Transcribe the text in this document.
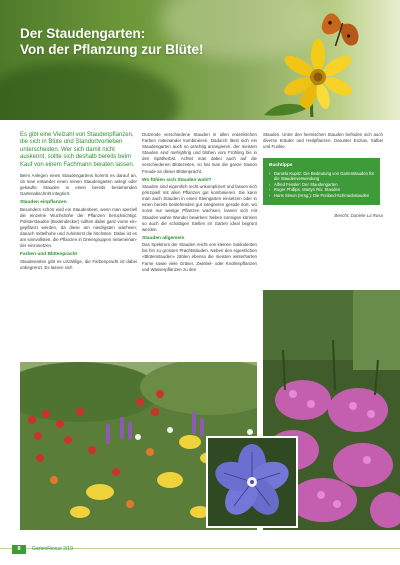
Der Staudengarten:
Von der Pflanzung zur Blüte!

Es gibt eine Vielzahl von Staudenpflanzen, die sich in Blüte und Standortvorlieben unterscheiden. Wer sich damit nicht auskennt, sollte sich deshalb bereits beim Kauf von einem Fachmann beraten lassen.

Beim Anlegen eines Staudengartens kommt es darauf an, ob man entweder einen reinen Staudengarten anlegt oder gekaufte Stauden in einen bereits bestehenden Gartenabschnitt integriert.

Stauden einpflanzen

Besonders schön wird ein Staudenbeet, wenn man speziell die einzelne Wuchshöhe der Pflanzen berücksichtigt. Polsterstauden (Bodendecker) sollten dabei ganz vorne eingepflanzt werden, da diese am niedrigsten wachsen; danach mittelhohe und zuhinterst die höchsten. Dabei ist es am sinnvollsten, die Pflanzen in Dreiergruppen nebeneinander einzusetzen.

Farben und Blütenpracht

Staudenarten gibt es unzählige, die Farbenpracht ist dabei unbegrenzt. Es lassen sich

Dutzende verschiedene Stauden in allen erdenklichen Farben miteinander kombinieren. Dadurch lässt sich ein Staudengarten auch so prächtig arrangieren, der meisten Stauden sind mehrjährig und blühen vom Frühling bis in den Spätherbst. Achtet man dabei auch auf die verschiedenen Blütezeiten, so hat man die ganze Saison Freude an dieser Blütenpracht.

Wo fühlen sich Stauden wohl?

Stauden sind eigentlich recht unkompliziert und lassen sich prinzipiell mit allen Pflanzen gut kombinieren. Sie kann man auch Stauden in einen Steingarten einsetzen oder in einen bereits bestehenden gut integrieren gerade dort, wo sonst nur wenige Pflanzen wachsen, lassen sich mit Stauden wahre Wunder bewirken: Neben sonnigen können so auch die schattigen Stellen im Garten ideal begrünt werden.

Stauden allgemein

Das Spektrum der Stauden reicht von kleinen Sukkulenten bis hin zu grossen Prachtstauden. Neben den eigentlichen «Blütenstauden» zählen ebenso die meisten winterharten Farne sowie viele Gräser, Zwiebel- oder Knollenpflanzen und Wasserpflanzen zu den

Stauden. Unter den heimischen Stauden befinden sich auch diverse Kräuter und Heilpflanzen. Darunter Enzian, Salbei und Funkie.

Buchtipps
› Daniela Kupitz: Die Bedeutung von Gartenstauden für die Staudenverwendung
› Alfred Fessler: Der Staudengarten
› Roger Phillips, Martyn Rix: Stauden
› Hans Simon (Hrsg.): Die Freiland-Schmuckstauden
Bericht: Daniele La Rosa
8	GartenRevue 2/19
